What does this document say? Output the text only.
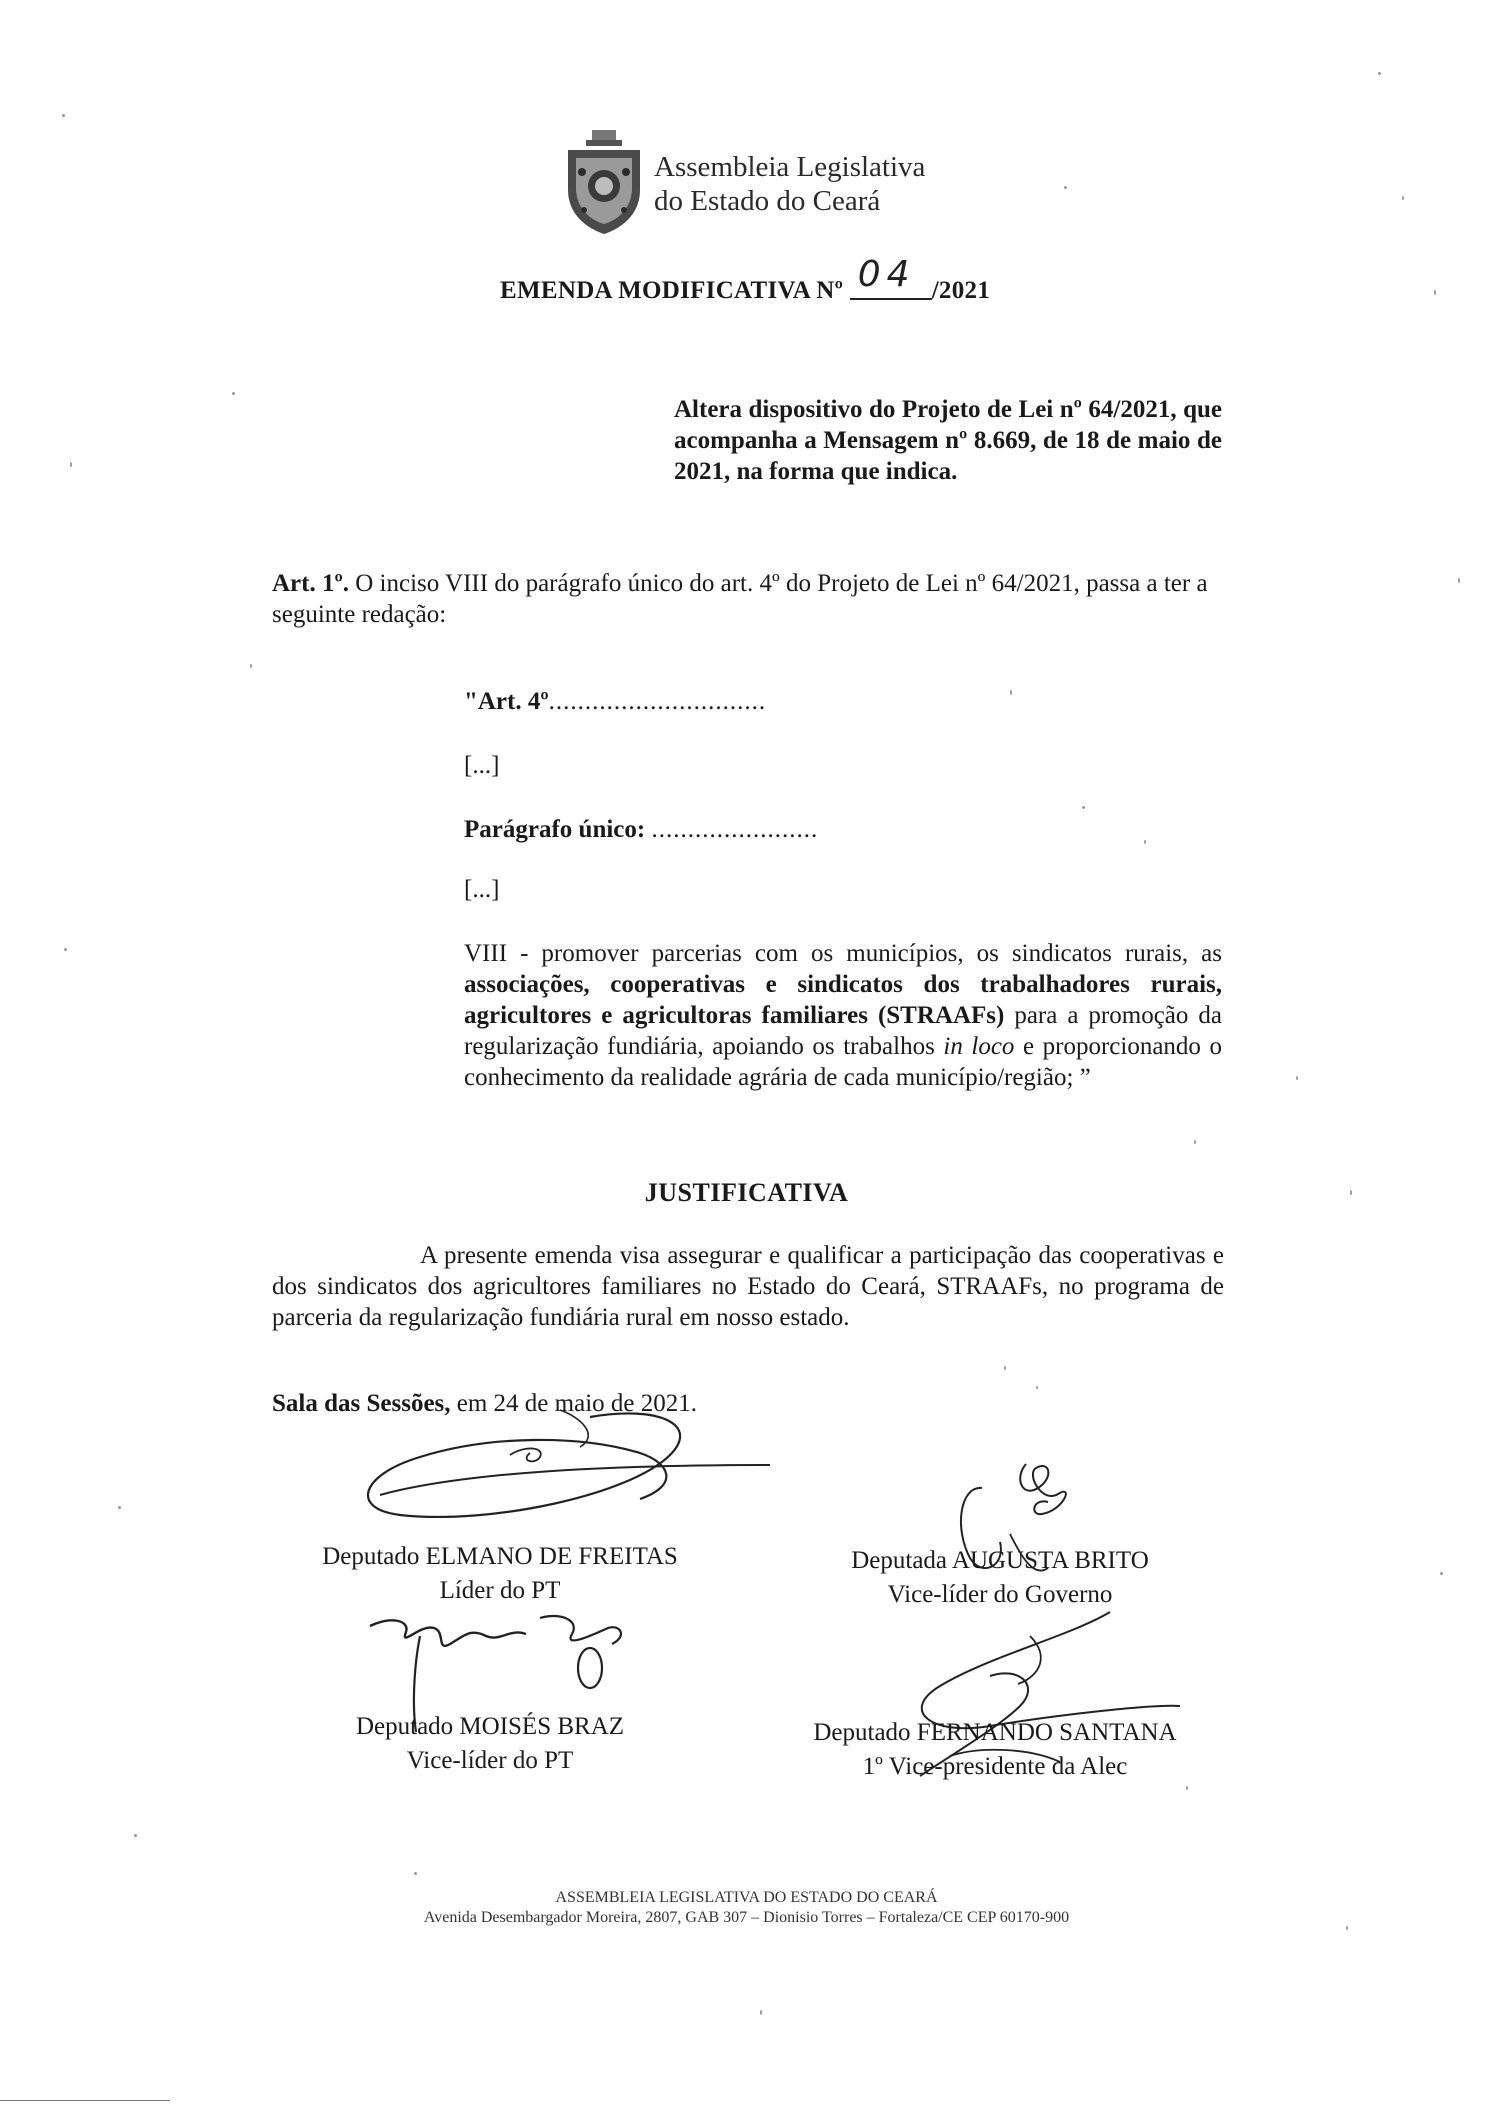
Assembleia Legislativa
do Estado do Ceará
EMENDA MODIFICATIVA Nº 04 /2021
Altera dispositivo do Projeto de Lei nº 64/2021, que acompanha a Mensagem nº 8.669, de 18 de maio de 2021, na forma que indica.
Art. 1º. O inciso VIII do parágrafo único do art. 4º do Projeto de Lei nº 64/2021, passa a ter a seguinte redação:
"Art. 4º..............................
[...]
Parágrafo único: .......................
[...]
VIII - promover parcerias com os municípios, os sindicatos rurais, as associações, cooperativas e sindicatos dos trabalhadores rurais, agricultores e agricultoras familiares (STRAAFs) para a promoção da regularização fundiária, apoiando os trabalhos in loco e proporcionando o conhecimento da realidade agrária de cada município/região; ”
JUSTIFICATIVA
A presente emenda visa assegurar e qualificar a participação das cooperativas e dos sindicatos dos agricultores familiares no Estado do Ceará, STRAAFs, no programa de parceria da regularização fundiária rural em nosso estado.
Sala das Sessões, em 24 de maio de 2021.
Deputado ELMANO DE FREITAS
Líder do PT
Deputada AUGUSTA BRITO
Vice-líder do Governo
Deputado MOISÉS BRAZ
Vice-líder do PT
Deputado FERNANDO SANTANA
1º Vice-presidente da Alec
ASSEMBLEIA LEGISLATIVA DO ESTADO DO CEARÁ
Avenida Desembargador Moreira, 2807, GAB 307 – Dionisio Torres – Fortaleza/CE CEP 60170-900
